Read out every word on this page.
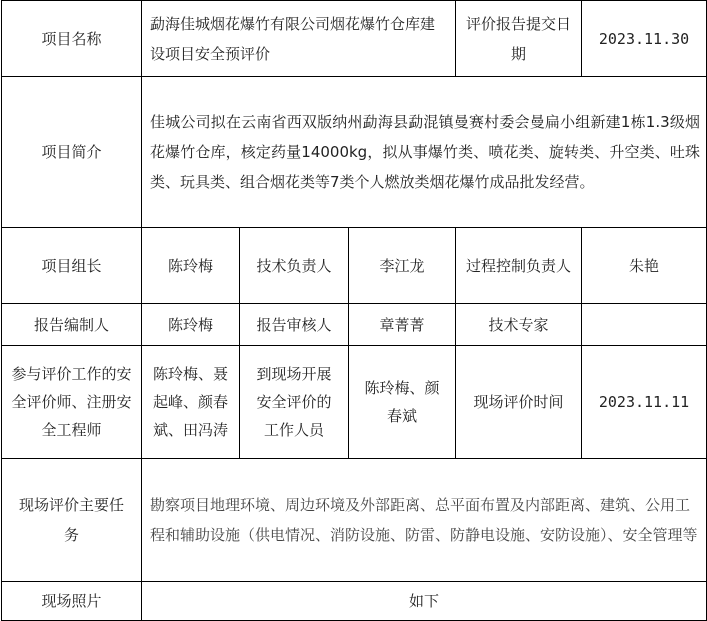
项目名称	勐海佳城烟花爆竹有限公司烟花爆竹仓库建设项目安全预评价			评价报告提交日期	2023.11.30
项目简介	佳城公司拟在云南省西双版纳州勐海县勐混镇曼赛村委会曼扁小组新建1栋1.3级烟花爆竹仓库，核定药量14000kg，拟从事爆竹类、喷花类、旋转类、升空类、吐珠类、玩具类、组合烟花类等7类个人燃放类烟花爆竹成品批发经营。				
项目组长	陈玲梅	技术负责人	李江龙	过程控制负责人	朱艳
报告编制人	陈玲梅	报告审核人	章菁菁	技术专家	
参与评价工作的安全评价师、注册安全工程师	陈玲梅、聂起峰、颜春斌、田冯涛	到现场开展安全评价的工作人员	陈玲梅、颜春斌	现场评价时间	2023.11.11
现场评价主要任务	勘察项目地理环境、周边环境及外部距离、总平面布置及内部距离、建筑、公用工程和辅助设施（供电情况、消防设施、防雷、防静电设施、安防设施）、安全管理等				
现场照片	如下				
